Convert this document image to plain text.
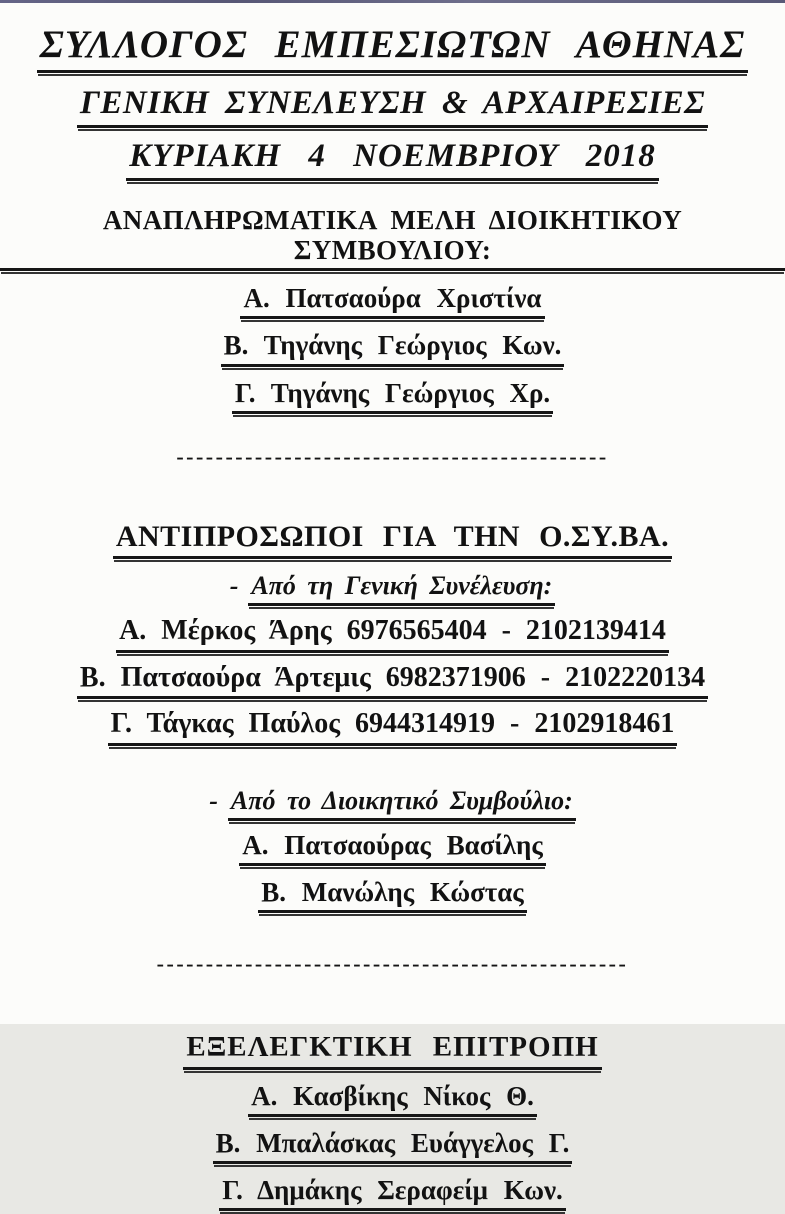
ΣΥΛΛΟΓΟΣ ΕΜΠΕΣΙΩΤΩΝ ΑΘΗΝΑΣ
ΓΕΝΙΚΗ ΣΥΝΕΛΕΥΣΗ & ΑΡΧΑΙΡΕΣΙΕΣ
ΚΥΡΙΑΚΗ 4 ΝΟΕΜΒΡΙΟΥ 2018
ΑΝΑΠΛΗΡΩΜΑΤΙΚΑ ΜΕΛΗ ΔΙΟΙΚΗΤΙΚΟΥ ΣΥΜΒΟΥΛΙΟΥ:
Α. Πατσαούρα Χριστίνα
Β. Τηγάνης Γεώργιος Κων.
Γ. Τηγάνης Γεώργιος Χρ.
--------------------------------------------
ΑΝΤΙΠΡΟΣΩΠΟΙ ΓΙΑ ΤΗΝ Ο.ΣΥ.ΒΑ.
- Από τη Γενική Συνέλευση:
Α. Μέρκος Άρης 6976565404 - 2102139414
Β. Πατσαούρα Άρτεμις 6982371906 - 2102220134
Γ. Τάγκας Παύλος 6944314919 - 2102918461
- Από το Διοικητικό Συμβούλιο:
Α. Πατσαούρας Βασίλης
Β. Μανώλης Κώστας
------------------------------------------------
ΕΞΕΛΕΓΚΤΙΚΗ ΕΠΙΤΡΟΠΗ
Α. Κασβίκης Νίκος Θ.
Β. Μπαλάσκας Ευάγγελος Γ.
Γ. Δημάκης Σεραφείμ Κων.
